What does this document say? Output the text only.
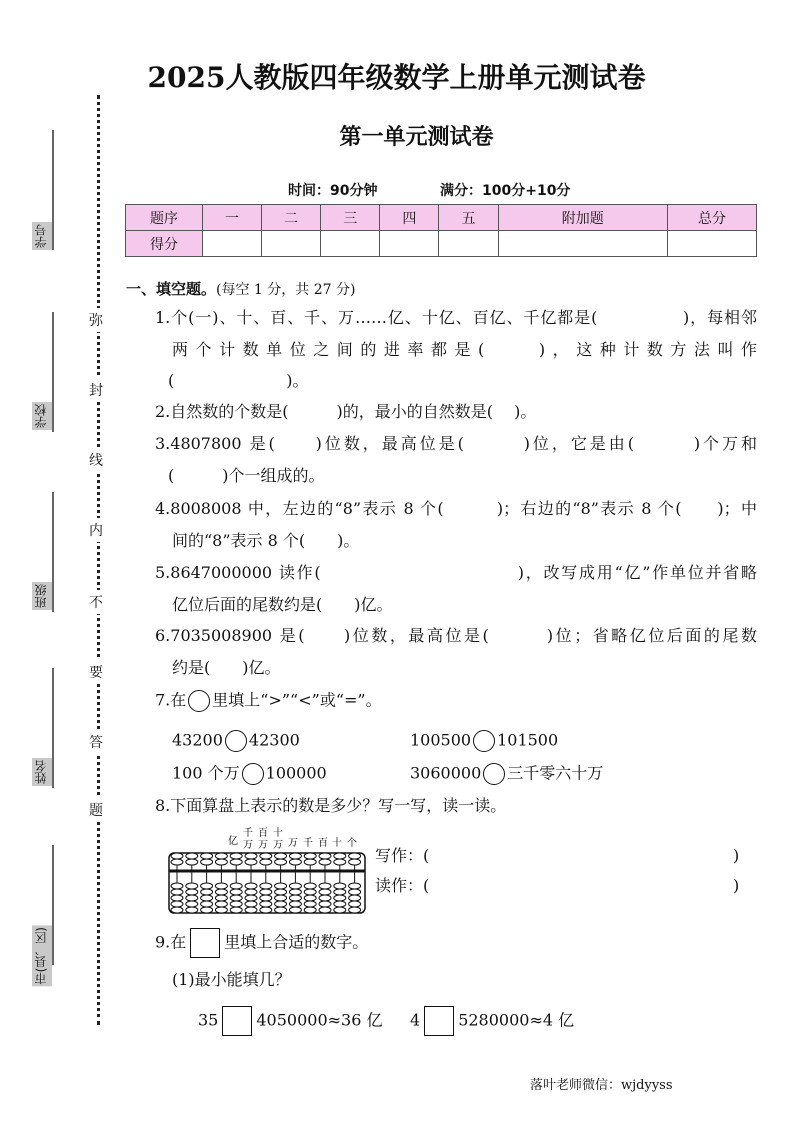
2025人教版四年级数学上册单元测试卷
第一单元测试卷
时间：90分钟	满分：100分+10分
题序	一	二	三	四	五	附加题	总分
得分							
学号
学校
班级
姓名
市(县、区)
弥
封
线
内
不
要
答
题
一、填空题。(每空 1 分，共 27 分)
1.个(一)、十、百、千、万……亿、十亿、百亿、千亿都是(　　　　　)，每相邻
两个计数单位之间的进率都是(　　)，这种计数方法叫作
(　　　　　　　)。
2.自然数的个数是(　　　)的，最小的自然数是(　 )。
3.4807800 是(　　)位数，最高位是(　　　)位，它是由(　　　)个万和
(　　　)个一组成的。
4.8008008 中，左边的“8”表示 8 个(　　　)；右边的“8”表示 8 个(　　)；中
间的“8”表示 8 个(　　)。
5.8647000000 读作(　　　　　　　　　　　)，改写成用“亿”作单位并省略
亿位后面的尾数约是(　　)亿。
6.7035008900 是(　　)位数，最高位是(　　　)位；省略亿位后面的尾数
约是(　　)亿。
7.在 里填上“>”“<”或“=”。
43200 42300	100500 101500
100 个万 100000	3060000 三千零六十万
8.下面算盘上表示的数是多少？写一写，读一读。
亿
千
万
百
万
十
万 万 千 百 十 个
写作：(	)
读作：(	)
9.在 里填上合适的数字。
(1)最小能填几？
35 4050000≈36 亿 4 5280000≈4 亿
落叶老师微信：wjdyyss
